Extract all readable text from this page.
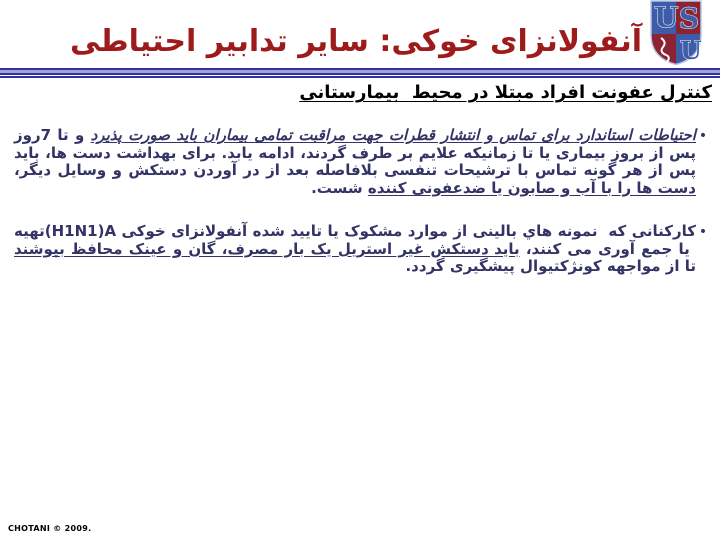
U S
U
آنفولانزای خوکی: سایر تدابیر احتیاطی
کنترل عفونت افراد مبتلا در محیط  بیمارستانی
•

احتیاطات استاندارد برای تماس و انتشار قطرات جهت مراقبت تمامی بیماران باید صورت پذیرد و تا 7روز پس از بروز بیماری یا تا زمانیکه علایم بر طرف گردند، ادامه یابد. برای بهداشت دست ها، باید پس از هر گونه تماس با ترشیحات تنفسی بلافاصله بعد از در آوردن دستکش و وسایل دیگر، دست ها را با آب و صابون یا ضدعفونی کننده شست.

•

کارکنانی که  نمونه هاي بالینی از موارد مشکوک یا تایید شده آنفولانزای خوکی (H1N1)Aتهیه  یا جمع آوری می کنند، باید دستکش غیر استریل یک بار مصرف، گان و عینک محافظ بپوشند تا از مواجهه کونژکتیوال پیشگیری گردد.

CHOTANI © 2009.
